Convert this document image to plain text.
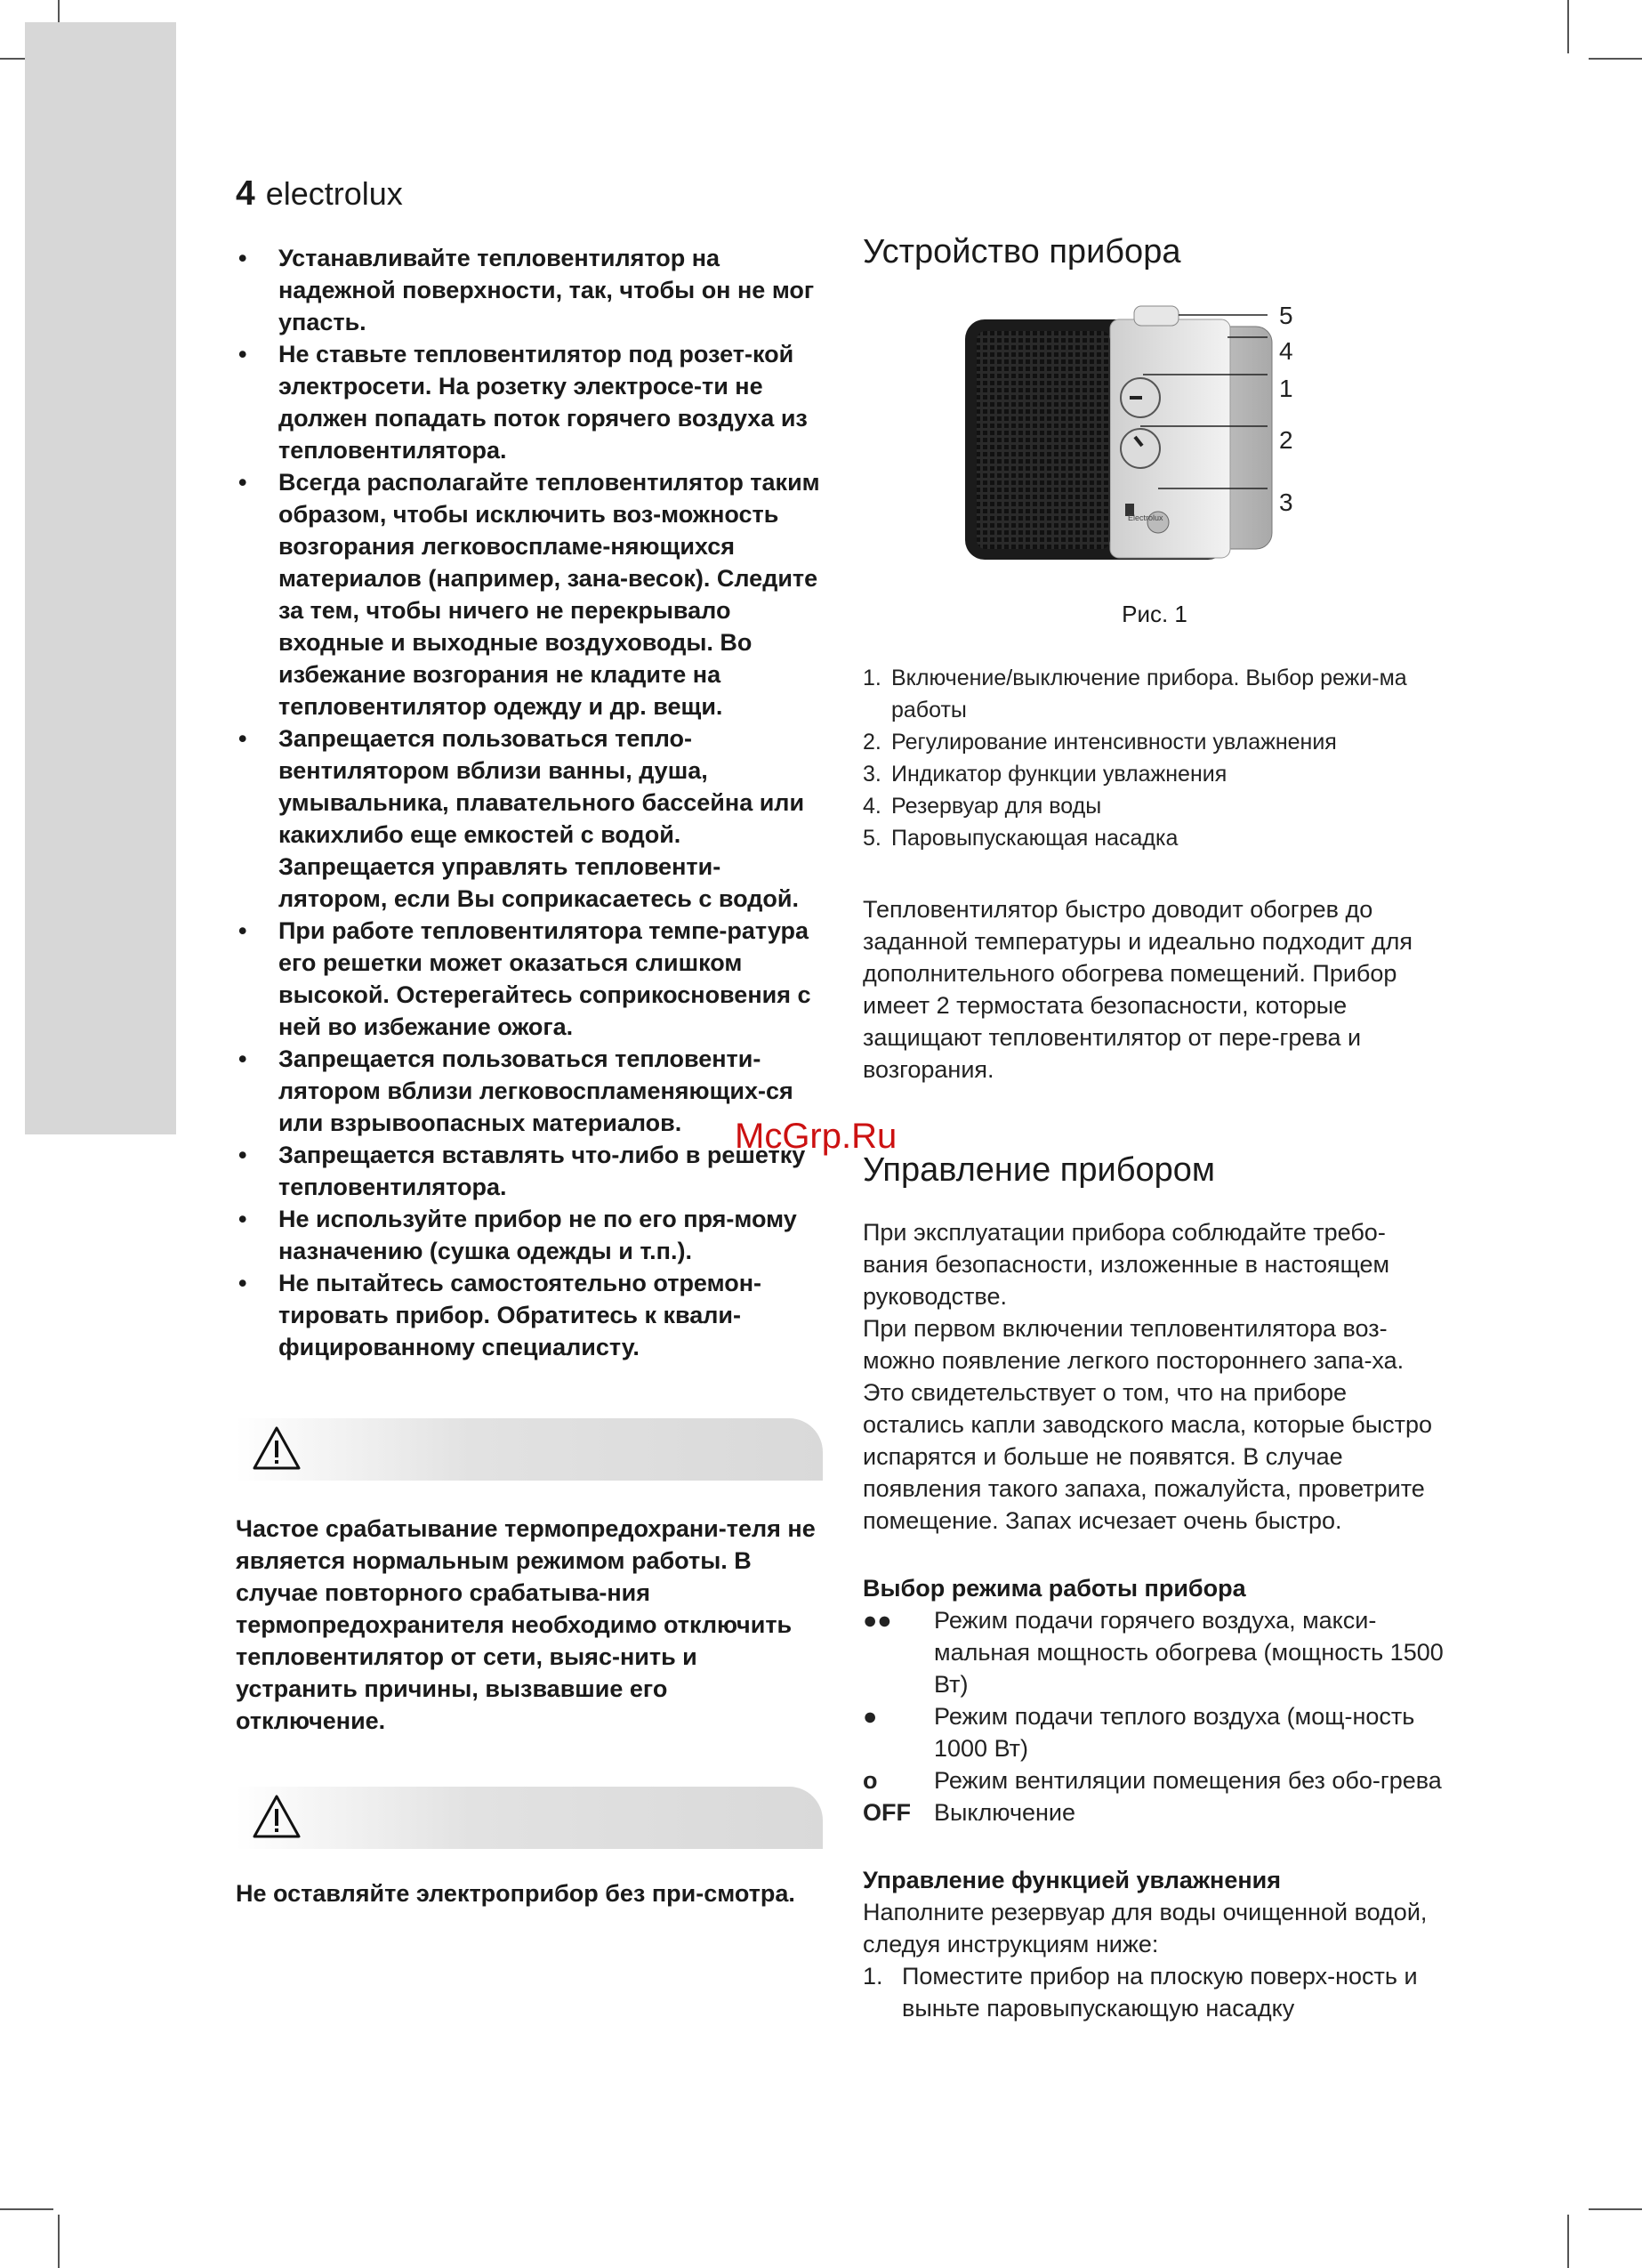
4 electrolux
• Устанавливайте тепловентилятор на надежной поверхности, так, чтобы он не мог упасть.
• Не ставьте тепловентилятор под розет-кой электросети. На розетку электросе-ти не должен попадать поток горячего воздуха из тепловентилятора.
• Всегда располагайте тепловентилятор таким образом, чтобы исключить воз-можность возгорания легковоспламе-няющихся материалов (например, зана-весок). Следите за тем, чтобы ничего не перекрывало входные и выходные воздуховоды. Во избежание возгорания не кладите на тепловентилятор одежду и др. вещи.
• Запрещается пользоваться тепло-вентилятором вблизи ванны, душа, умывальника, плавательного бассейна или какихлибо еще емкостей с водой. Запрещается управлять тепловенти-лятором, если Вы соприкасаетесь с водой.
• При работе тепловентилятора темпе-ратура его решетки может оказаться слишком высокой. Остерегайтесь соприкосновения с ней во избежание ожога.
• Запрещается пользоваться тепловенти-лятором вблизи легковоспламеняющих-ся или взрывоопасных материалов.
• Запрещается вставлять что-либо в решетку тепловентилятора.
• Не используйте прибор не по его пря-мому назначению (сушка одежды и т.п.).
• Не пытайтесь самостоятельно отремон-тировать прибор. Обратитесь к квали-фицированному специалисту.
Частое срабатывание термопредохрани-теля не является нормальным режимом работы. В случае повторного срабатыва-ния термопредохранителя необходимо отключить тепловентилятор от сети, выяс-нить и устранить причины, вызвавшие его отключение.
Не оставляйте электроприбор без при-смотра.
Устройство прибора
Electrolux
5
4
1
2
3
Рис. 1
1. Включение/выключение прибора. Выбор режи-ма работы
2. Регулирование интенсивности увлажнения
3. Индикатор функции увлажнения
4. Резервуар для воды
5. Паровыпускающая насадка

Тепловентилятор быстро доводит обогрев до заданной температуры и идеально подходит для дополнительного обогрева помещений. Прибор имеет 2 термостата безопасности, которые защищают тепловентилятор от пере-грева и возгорания.

Управление прибором

При эксплуатации прибора соблюдайте требо-вания безопасности, изложенные в настоящем руководстве.

При первом включении тепловентилятора воз-можно появление легкого постороннего запа-ха. Это свидетельствует о том, что на приборе остались капли заводского масла, которые быстро испарятся и больше не появятся. В случае появления такого запаха, пожалуйста, проветрите помещение. Запах исчезает очень быстро.

Выбор режима работы прибора
●● Режим подачи горячего воздуха, макси-мальная мощность обогрева (мощность 1500 Вт)
● Режим подачи теплого воздуха (мощ-ность 1000 Вт)
o Режим вентиляции помещения без обо-грева
OFF Выключение
Управление функцией увлажнения

Наполните резервуар для воды очищенной водой, следуя инструкциям ниже:

1. Поместите прибор на плоскую поверх-ность и выньте паровыпускающую насадку
McGrp.Ru
